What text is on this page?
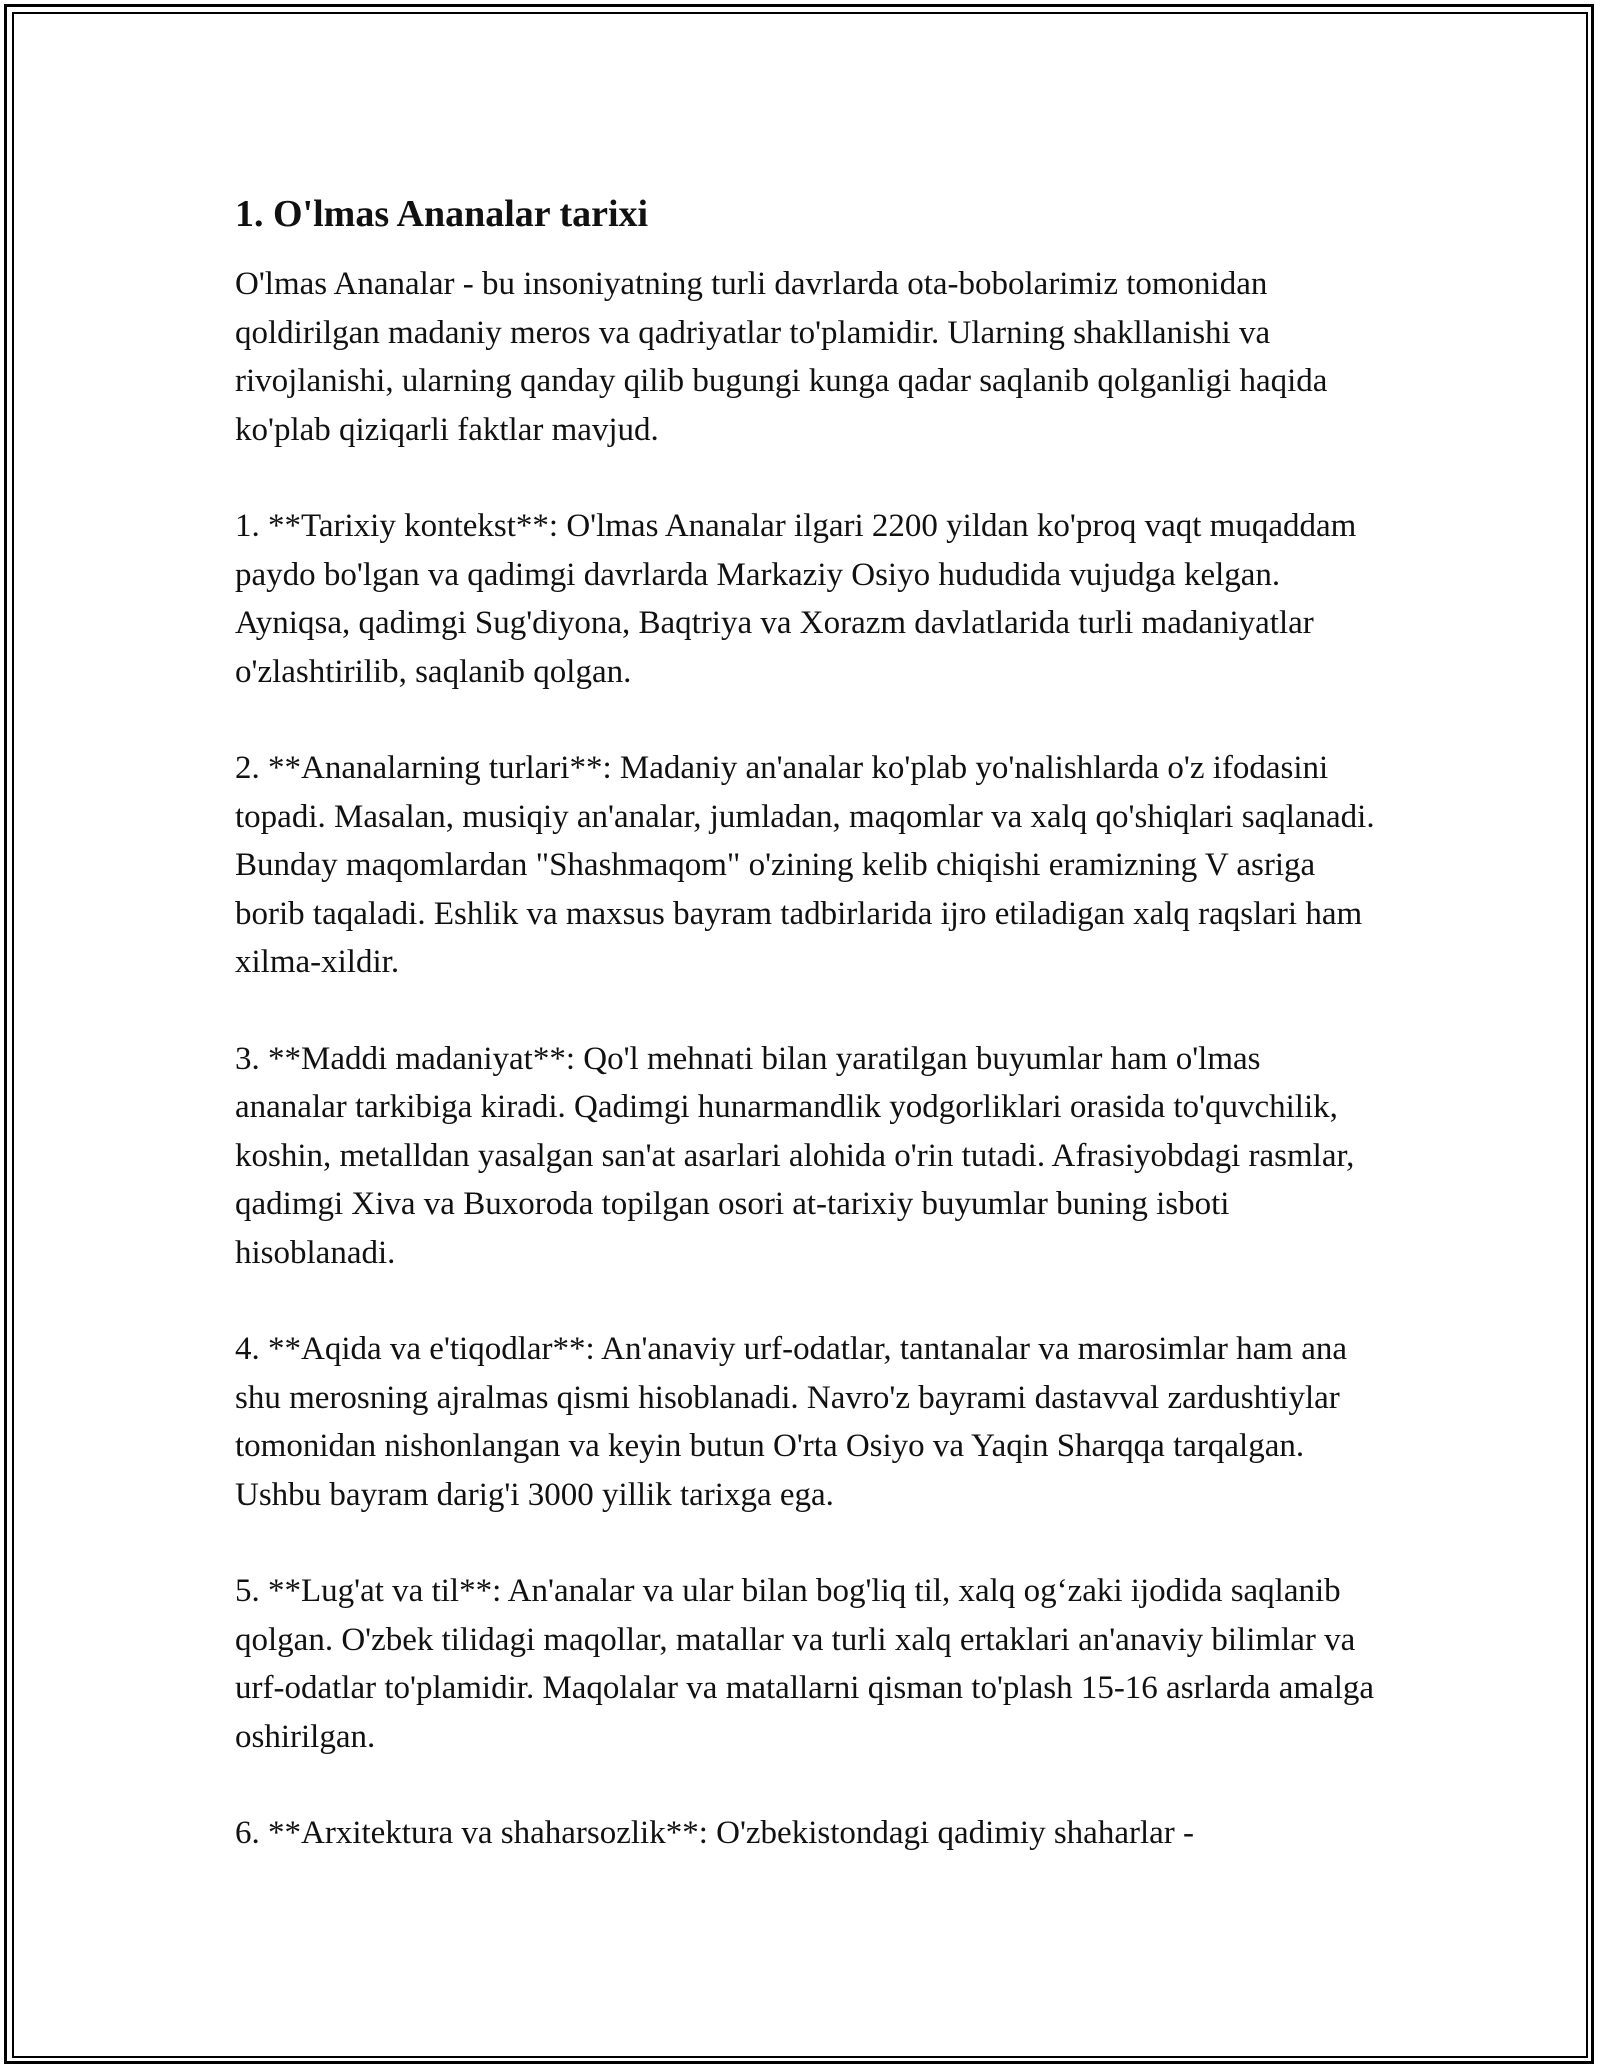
1. O'lmas Ananalar tarixi

O'lmas Ananalar - bu insoniyatning turli davrlarda ota-bobolarimiz tomonidan qoldirilgan madaniy meros va qadriyatlar to'plamidir. Ularning shakllanishi va rivojlanishi, ularning qanday qilib bugungi kunga qadar saqlanib qolganligi haqida ko'plab qiziqarli faktlar mavjud.

1. **Tarixiy kontekst**: O'lmas Ananalar ilgari 2200 yildan ko'proq vaqt muqaddam paydo bo'lgan va qadimgi davrlarda Markaziy Osiyo hududida vujudga kelgan. Ayniqsa, qadimgi Sug'diyona, Baqtriya va Xorazm davlatlarida turli madaniyatlar o'zlashtirilib, saqlanib qolgan.

2. **Ananalarning turlari**: Madaniy an'analar ko'plab yo'nalishlarda o'z ifodasini topadi. Masalan, musiqiy an'analar, jumladan, maqomlar va xalq qo'shiqlari saqlanadi. Bunday maqomlardan "Shashmaqom" o'zining kelib chiqishi eramizning V asriga borib taqaladi. Eshlik va maxsus bayram tadbirlarida ijro etiladigan xalq raqslari ham xilma-xildir.

3. **Maddi madaniyat**: Qo'l mehnati bilan yaratilgan buyumlar ham o'lmas ananalar tarkibiga kiradi. Qadimgi hunarmandlik yodgorliklari orasida to'quvchilik, koshin, metalldan yasalgan san'at asarlari alohida o'rin tutadi. Afrasiyobdagi rasmlar, qadimgi Xiva va Buxoroda topilgan osori at-tarixiy buyumlar buning isboti hisoblanadi.

4. **Aqida va e'tiqodlar**: An'anaviy urf-odatlar, tantanalar va marosimlar ham ana shu merosning ajralmas qismi hisoblanadi. Navro'z bayrami dastavval zardushtiylar tomonidan nishonlangan va keyin butun O'rta Osiyo va Yaqin Sharqqa tarqalgan. Ushbu bayram darig'i 3000 yillik tarixga ega.

5. **Lug'at va til**: An'analar va ular bilan bog'liq til, xalq og‘zaki ijodida saqlanib qolgan. O'zbek tilidagi maqollar, matallar va turli xalq ertaklari an'anaviy bilimlar va urf-odatlar to'plamidir. Maqolalar va matallarni qisman to'plash 15-16 asrlarda amalga oshirilgan.

6. **Arxitektura va shaharsozlik**: O'zbekistondagi qadimiy shaharlar -
